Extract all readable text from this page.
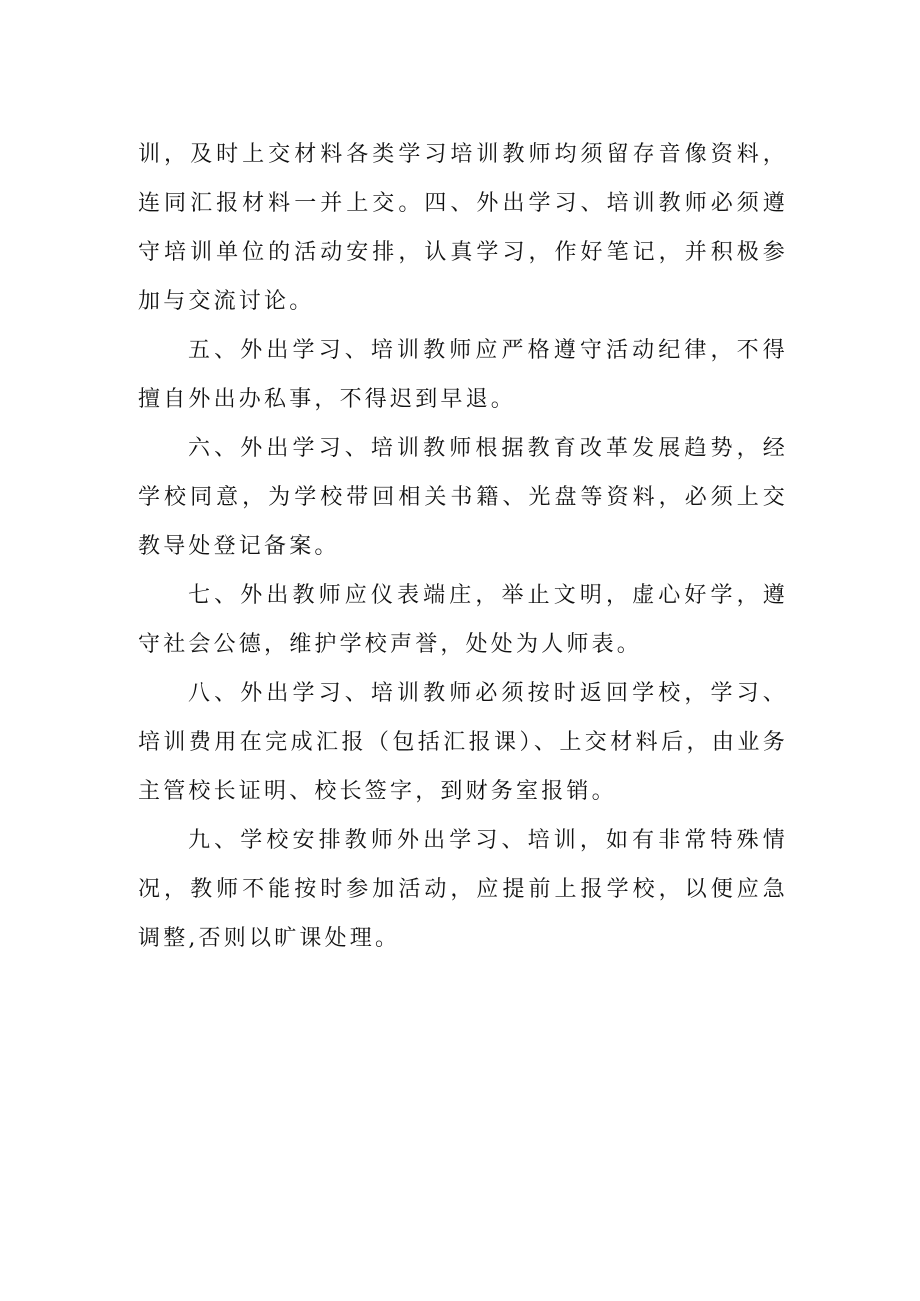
训，及时上交材料各类学习培训教师均须留存音像资料，连同汇报材料一并上交。四、外出学习、培训教师必须遵守培训单位的活动安排，认真学习，作好笔记，并积极参加与交流讨论。

五、外出学习、培训教师应严格遵守活动纪律，不得擅自外出办私事，不得迟到早退。

六、外出学习、培训教师根据教育改革发展趋势，经学校同意，为学校带回相关书籍、光盘等资料，必须上交教导处登记备案。

七、外出教师应仪表端庄，举止文明，虚心好学，遵守社会公德，维护学校声誉，处处为人师表。

八、外出学习、培训教师必须按时返回学校，学习、培训费用在完成汇报（包括汇报课）、上交材料后，由业务主管校长证明、校长签字，到财务室报销。

九、学校安排教师外出学习、培训，如有非常特殊情况，教师不能按时参加活动，应提前上报学校，以便应急调整,否则以旷课处理。
